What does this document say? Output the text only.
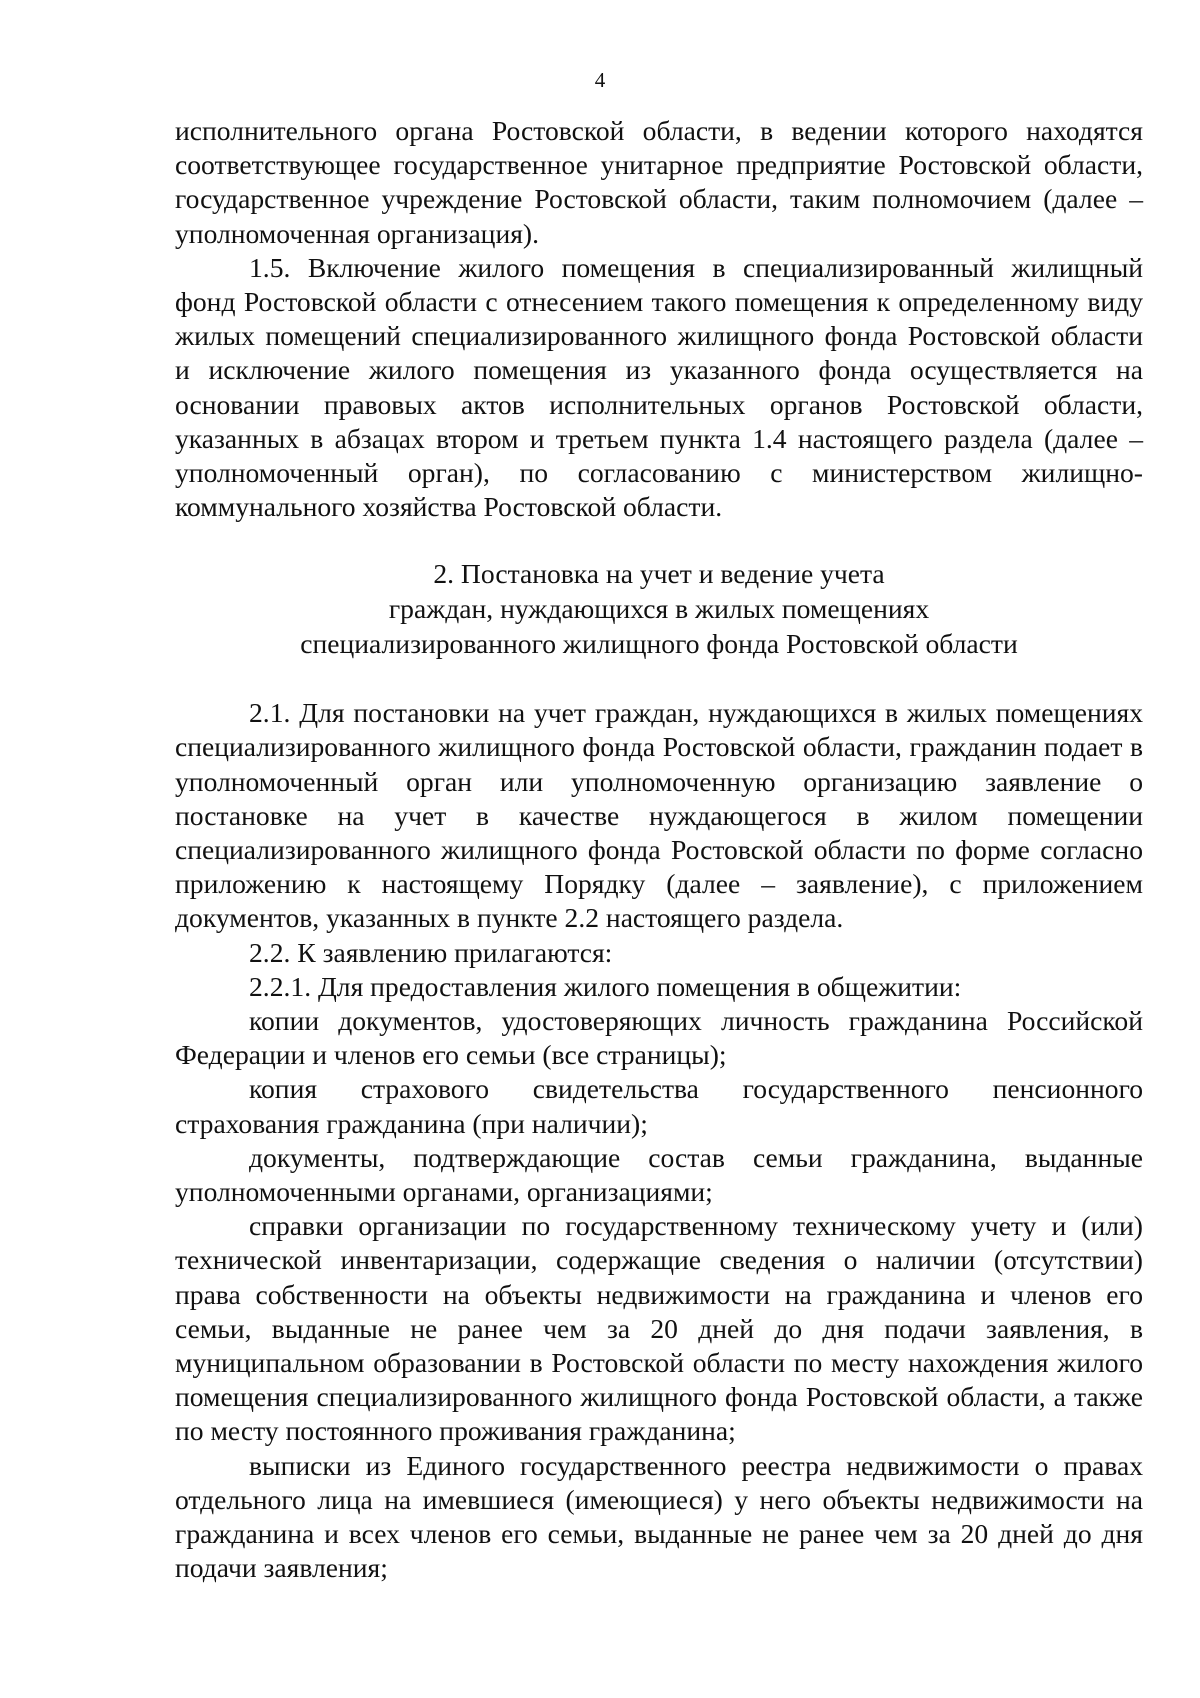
4

исполнительного органа Ростовской области, в ведении которого находятся соответствующее государственное унитарное предприятие Ростовской области, государственное учреждение Ростовской области, таким полномочием (далее – уполномоченная организация).

1.5. Включение жилого помещения в специализированный жилищный фонд Ростовской области с отнесением такого помещения к определенному виду жилых помещений специализированного жилищного фонда Ростовской области и исключение жилого помещения из указанного фонда осуществляется на основании правовых актов исполнительных органов Ростовской области, указанных в абзацах втором и третьем пункта 1.4 настоящего раздела (далее – уполномоченный орган), по согласованию с министерством жилищно-коммунального хозяйства Ростовской области.

2. Постановка на учет и ведение учета
граждан, нуждающихся в жилых помещениях
специализированного жилищного фонда Ростовской области

2.1. Для постановки на учет граждан, нуждающихся в жилых помещениях специализированного жилищного фонда Ростовской области, гражданин подает в уполномоченный орган или уполномоченную организацию заявление о постановке на учет в качестве нуждающегося в жилом помещении специализированного жилищного фонда Ростовской области по форме согласно приложению к настоящему Порядку (далее – заявление), с приложением документов, указанных в пункте 2.2 настоящего раздела.

2.2. К заявлению прилагаются:

2.2.1. Для предоставления жилого помещения в общежитии:

копии документов, удостоверяющих личность гражданина Российской Федерации и членов его семьи (все страницы);

копия страхового свидетельства государственного пенсионного страхования гражданина (при наличии);

документы, подтверждающие состав семьи гражданина, выданные уполномоченными органами, организациями;

справки организации по государственному техническому учету и (или) технической инвентаризации, содержащие сведения о наличии (отсутствии) права собственности на объекты недвижимости на гражданина и членов его семьи, выданные не ранее чем за 20 дней до дня подачи заявления, в муниципальном образовании в Ростовской области по месту нахождения жилого помещения специализированного жилищного фонда Ростовской области, а также по месту постоянного проживания гражданина;

выписки из Единого государственного реестра недвижимости о правах отдельного лица на имевшиеся (имеющиеся) у него объекты недвижимости на гражданина и всех членов его семьи, выданные не ранее чем за 20 дней до дня подачи заявления;
